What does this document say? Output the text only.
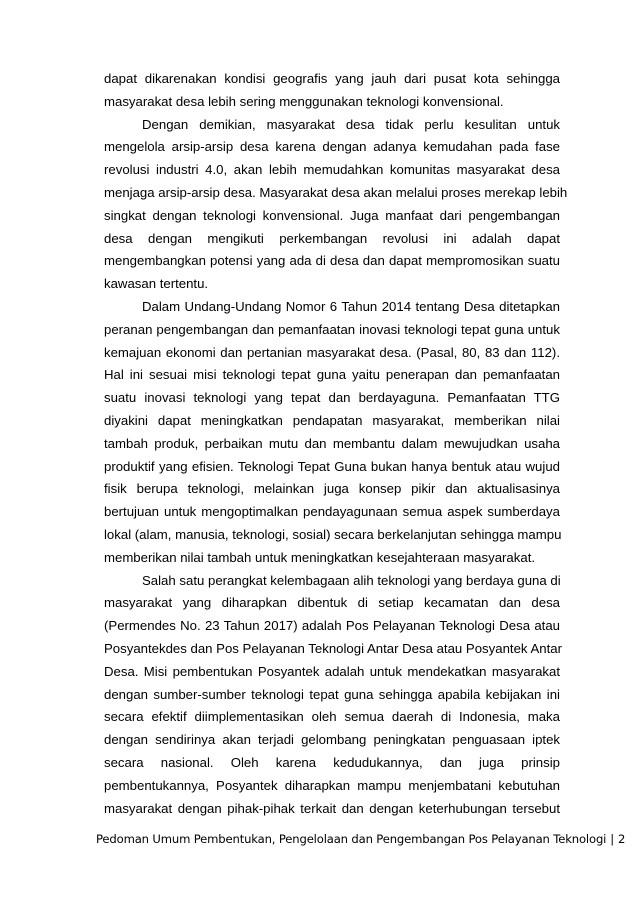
dapat dikarenakan kondisi geografis yang jauh dari pusat kota sehingga
masyarakat desa lebih sering menggunakan teknologi konvensional.
Dengan demikian, masyarakat desa tidak perlu kesulitan untuk
mengelola arsip-arsip desa karena dengan adanya kemudahan pada fase
revolusi industri 4.0, akan lebih memudahkan komunitas masyarakat desa
menjaga arsip-arsip desa. Masyarakat desa akan melalui proses merekap lebih
singkat dengan teknologi konvensional. Juga manfaat dari pengembangan
desa dengan mengikuti perkembangan revolusi ini adalah dapat
mengembangkan potensi yang ada di desa dan dapat mempromosikan suatu
kawasan tertentu.
Dalam Undang-Undang Nomor 6 Tahun 2014 tentang Desa ditetapkan
peranan pengembangan dan pemanfaatan inovasi teknologi tepat guna untuk
kemajuan ekonomi dan pertanian masyarakat desa. (Pasal, 80, 83 dan 112).
Hal ini sesuai misi teknologi tepat guna yaitu penerapan dan pemanfaatan
suatu inovasi teknologi yang tepat dan berdayaguna. Pemanfaatan TTG
diyakini dapat meningkatkan pendapatan masyarakat, memberikan nilai
tambah produk, perbaikan mutu dan membantu dalam mewujudkan usaha
produktif yang efisien. Teknologi Tepat Guna bukan hanya bentuk atau wujud
fisik berupa teknologi, melainkan juga konsep pikir dan aktualisasinya
bertujuan untuk mengoptimalkan pendayagunaan semua aspek sumberdaya
lokal (alam, manusia, teknologi, sosial) secara berkelanjutan sehingga mampu
memberikan nilai tambah untuk meningkatkan kesejahteraan masyarakat.
Salah satu perangkat kelembagaan alih teknologi yang berdaya guna di
masyarakat yang diharapkan dibentuk di setiap kecamatan dan desa
(Permendes No. 23 Tahun 2017) adalah Pos Pelayanan Teknologi Desa atau
Posyantekdes dan Pos Pelayanan Teknologi Antar Desa atau Posyantek Antar
Desa. Misi pembentukan Posyantek adalah untuk mendekatkan masyarakat
dengan sumber-sumber teknologi tepat guna sehingga apabila kebijakan ini
secara efektif diimplementasikan oleh semua daerah di Indonesia, maka
dengan sendirinya akan terjadi gelombang peningkatan penguasaan iptek
secara nasional. Oleh karena kedudukannya, dan juga prinsip
pembentukannya, Posyantek diharapkan mampu menjembatani kebutuhan
masyarakat dengan pihak-pihak terkait dan dengan keterhubungan tersebut
Pedoman Umum Pembentukan, Pengelolaan dan Pengembangan Pos Pelayanan Teknologi | 2
